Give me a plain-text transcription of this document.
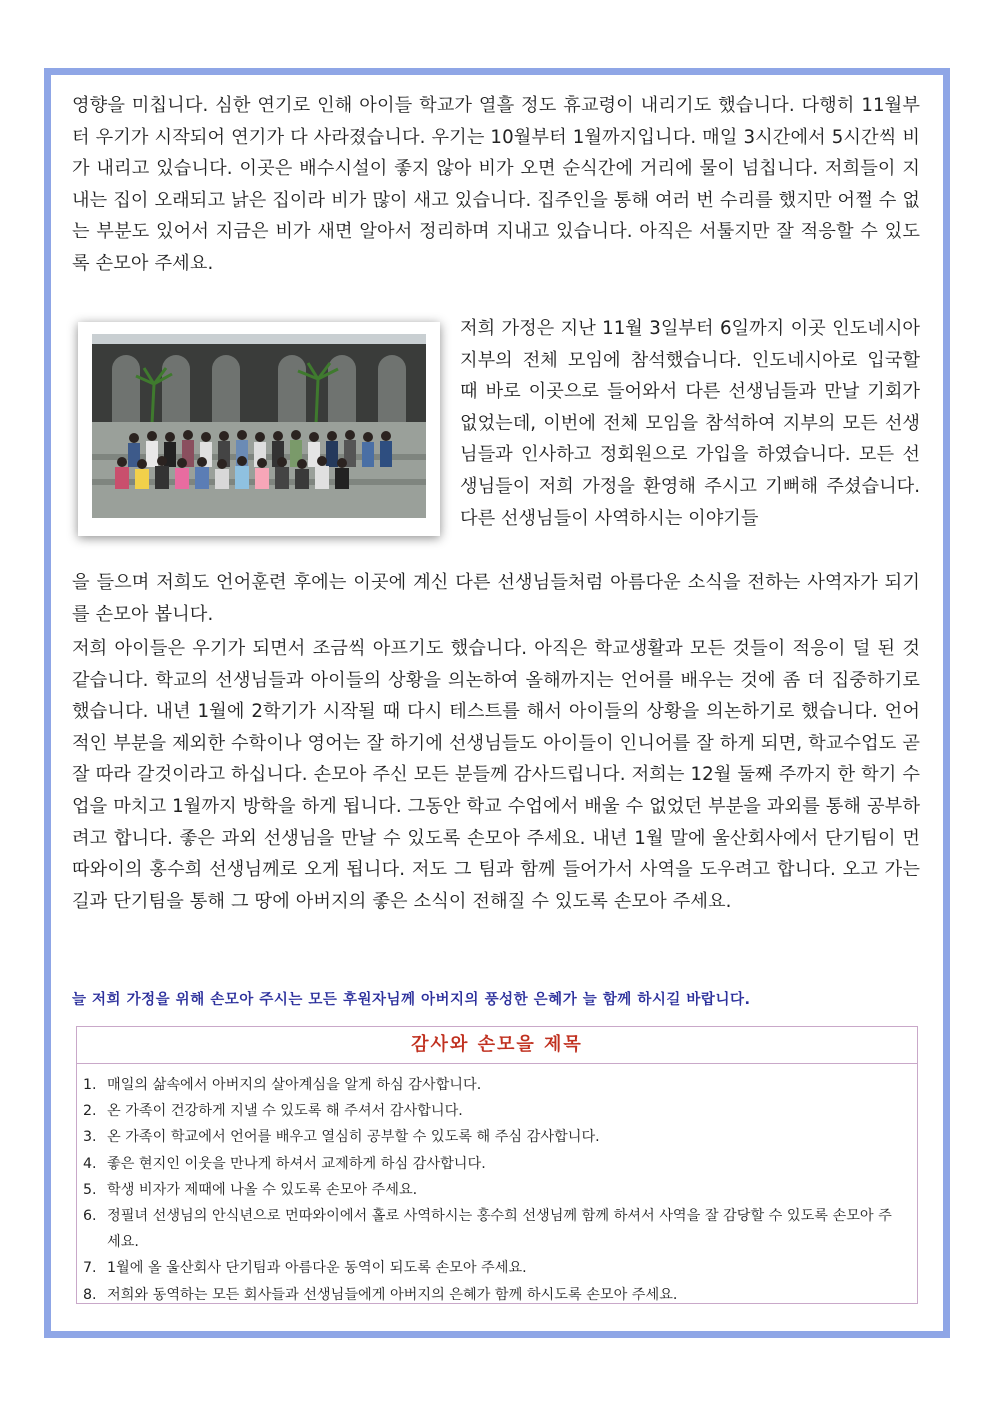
영향을 미칩니다. 심한 연기로 인해 아이들 학교가 열흘 정도 휴교령이 내리기도 했습니다. 다행히 11월부터 우기가 시작되어 연기가 다 사라졌습니다. 우기는 10월부터 1월까지입니다. 매일 3시간에서 5시간씩 비가 내리고 있습니다. 이곳은 배수시설이 좋지 않아 비가 오면 순식간에 거리에 물이 넘칩니다. 저희들이 지내는 집이 오래되고 낡은 집이라 비가 많이 새고 있습니다. 집주인을 통해 여러 번 수리를 했지만 어쩔 수 없는 부분도 있어서 지금은 비가 새면 알아서 정리하며 지내고 있습니다. 아직은 서툴지만 잘 적응할 수 있도록 손모아 주세요.

저희 가정은 지난 11월 3일부터 6일까지 이곳 인도네시아 지부의 전체 모임에 참석했습니다. 인도네시아로 입국할 때 바로 이곳으로 들어와서 다른 선생님들과 만날 기회가 없었는데, 이번에 전체 모임을 참석하여 지부의 모든 선생님들과 인사하고 정회원으로 가입을 하였습니다. 모든 선생님들이 저희 가정을 환영해 주시고 기뻐해 주셨습니다. 다른 선생님들이 사역하시는 이야기들

을 들으며 저희도 언어훈련 후에는 이곳에 계신 다른 선생님들처럼 아름다운 소식을 전하는 사역자가 되기를 손모아 봅니다.

저희 아이들은 우기가 되면서 조금씩 아프기도 했습니다. 아직은 학교생활과 모든 것들이 적응이 덜 된 것 같습니다. 학교의 선생님들과 아이들의 상황을 의논하여 올해까지는 언어를 배우는 것에 좀 더 집중하기로 했습니다. 내년 1월에 2학기가 시작될 때 다시 테스트를 해서 아이들의 상황을 의논하기로 했습니다. 언어적인 부분을 제외한 수학이나 영어는 잘 하기에 선생님들도 아이들이 인니어를 잘 하게 되면, 학교수업도 곧 잘 따라 갈것이라고 하십니다. 손모아 주신 모든 분들께 감사드립니다. 저희는 12월 둘째 주까지 한 학기 수업을 마치고 1월까지 방학을 하게 됩니다. 그동안 학교 수업에서 배울 수 없었던 부분을 과외를 통해 공부하려고 합니다. 좋은 과외 선생님을 만날 수 있도록 손모아 주세요. 내년 1월 말에 울산회사에서 단기팀이 먼따와이의 홍수희 선생님께로 오게 됩니다. 저도 그 팀과 함께 들어가서 사역을 도우려고 합니다. 오고 가는 길과 단기팀을 통해 그 땅에 아버지의 좋은 소식이 전해질 수 있도록 손모아 주세요.

늘 저희 가정을 위해 손모아 주시는 모든 후원자님께 아버지의 풍성한 은혜가 늘 함께 하시길 바랍니다.
감사와 손모을 제목
1. 매일의 삶속에서 아버지의 살아계심을 알게 하심 감사합니다.
2. 온 가족이 건강하게 지낼 수 있도록 해 주셔서 감사합니다.
3. 온 가족이 학교에서 언어를 배우고 열심히 공부할 수 있도록 해 주심 감사합니다.
4. 좋은 현지인 이웃을 만나게 하셔서 교제하게 하심 감사합니다.
5. 학생 비자가 제때에 나올 수 있도록 손모아 주세요.
6. 정필녀 선생님의 안식년으로 먼따와이에서 홀로 사역하시는 홍수희 선생님께 함께 하셔서 사역을 잘 감당할 수 있도록 손모아 주세요.
7. 1월에 올 울산회사 단기팀과 아름다운 동역이 되도록 손모아 주세요.
8. 저희와 동역하는 모든 회사들과 선생님들에게 아버지의 은혜가 함께 하시도록 손모아 주세요.
